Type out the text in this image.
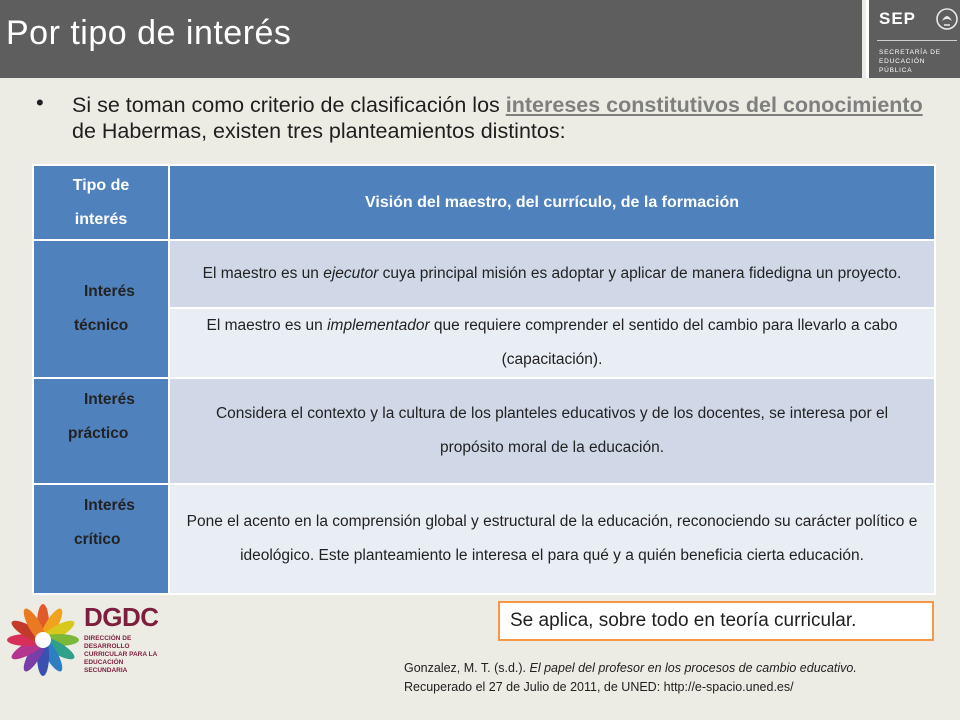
Por tipo de interés	SEP
SECRETARÍA DE
EDUCACIÓN PÚBLICA
• Si se toman como criterio de clasificación los intereses constitutivos del conocimiento de Habermas, existen tres planteamientos distintos:
Tipo de
interés	Visión del maestro, del currículo, de la formación

Interés
técnico	El maestro es un ejecutor cuya principal misión es adoptar y aplicar de manera fidedigna un proyecto.
	El maestro es un implementador que requiere comprender el sentido del cambio para llevarlo a cabo (capacitación).

Interés
práctico	Considera el contexto y la cultura de los planteles educativos y de los docentes, se interesa por el propósito moral de la educación.

Interés
crítico	Pone el acento en la comprensión global y estructural de la educación, reconociendo su carácter político e ideológico. Este planteamiento le interesa el para qué y a quién beneficia cierta educación.
DGDC
DIRECCIÓN DE DESARROLLO
CURRICULAR PARA LA
EDUCACIÓN SECUNDARIA
Se aplica, sobre todo en teoría curricular.
Gonzalez, M. T. (s.d.). El papel del profesor en los procesos de cambio educativo.
Recuperado el 27 de Julio de 2011, de UNED: http://e-spacio.uned.es/
